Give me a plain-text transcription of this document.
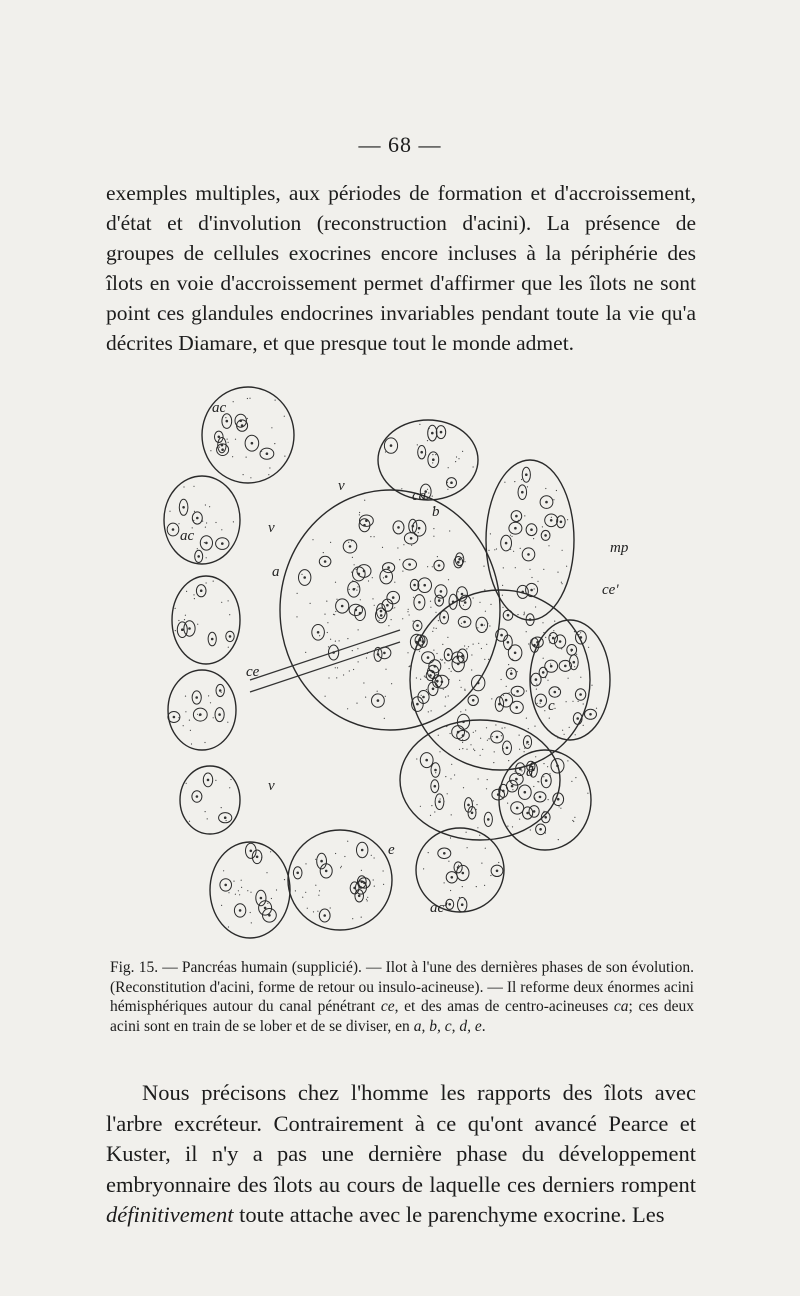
— 68 —

exemples multiples, aux périodes de formation et d'accroissement, d'état et d'involution (reconstruction d'acini). La présence de groupes de cellules exocrines encore incluses à la périphérie des îlots en voie d'accroissement permet d'affirmer que les îlots ne sont point ces glandules endocrines invariables pendant toute la vie qu'a décrites Diamare, et que presque tout le monde admet.

ac
ac
ca
b
mp
ce'
a
ce
c
d
e
ac'
v
v
v

Fig. 15. — Pancréas humain (supplicié). — Ilot à l'une des dernières phases de son évolution. (Reconstitution d'acini, forme de retour ou insulo-acineuse). — Il reforme deux énormes acini hémisphériques autour du canal pénétrant ce, et des amas de centro-acineuses ca; ces deux acini sont en train de se lober et de se diviser, en a, b, c, d, e.

Nous précisons chez l'homme les rapports des îlots avec l'arbre excréteur. Contrairement à ce qu'ont avancé Pearce et Kuster, il n'y a pas une dernière phase du développement embryonnaire des îlots au cours de laquelle ces derniers rompent définitivement toute attache avec le parenchyme exocrine. Les
